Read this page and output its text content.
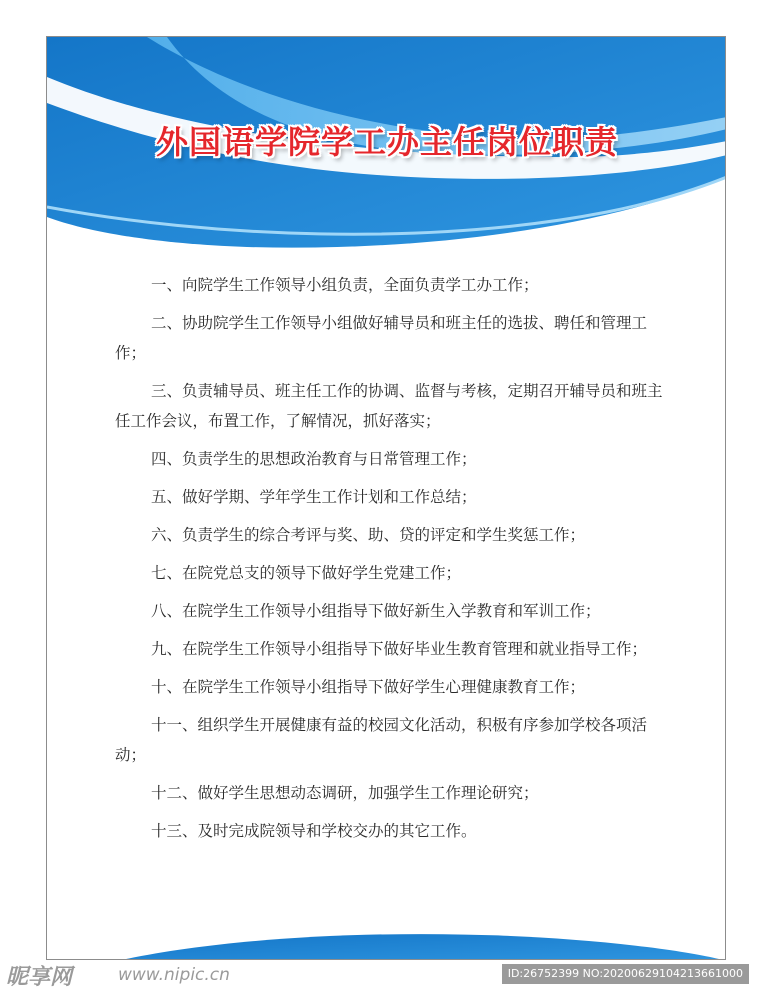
外国语学院学工办主任岗位职责

一、向院学生工作领导小组负责，全面负责学工办工作；

二、协助院学生工作领导小组做好辅导员和班主任的选拔、聘任和管理工作；

三、负责辅导员、班主任工作的协调、监督与考核，定期召开辅导员和班主任工作会议，布置工作，了解情况，抓好落实；

四、负责学生的思想政治教育与日常管理工作；

五、做好学期、学年学生工作计划和工作总结；

六、负责学生的综合考评与奖、助、贷的评定和学生奖惩工作；

七、在院党总支的领导下做好学生党建工作；

八、在院学生工作领导小组指导下做好新生入学教育和军训工作；

九、在院学生工作领导小组指导下做好毕业生教育管理和就业指导工作；

十、在院学生工作领导小组指导下做好学生心理健康教育工作；

十一、组织学生开展健康有益的校园文化活动，积极有序参加学校各项活动；

十二、做好学生思想动态调研，加强学生工作理论研究；

十三、及时完成院领导和学校交办的其它工作。

昵享网	www.nipic.cn	ID:26752399 NO:20200629104213661000
